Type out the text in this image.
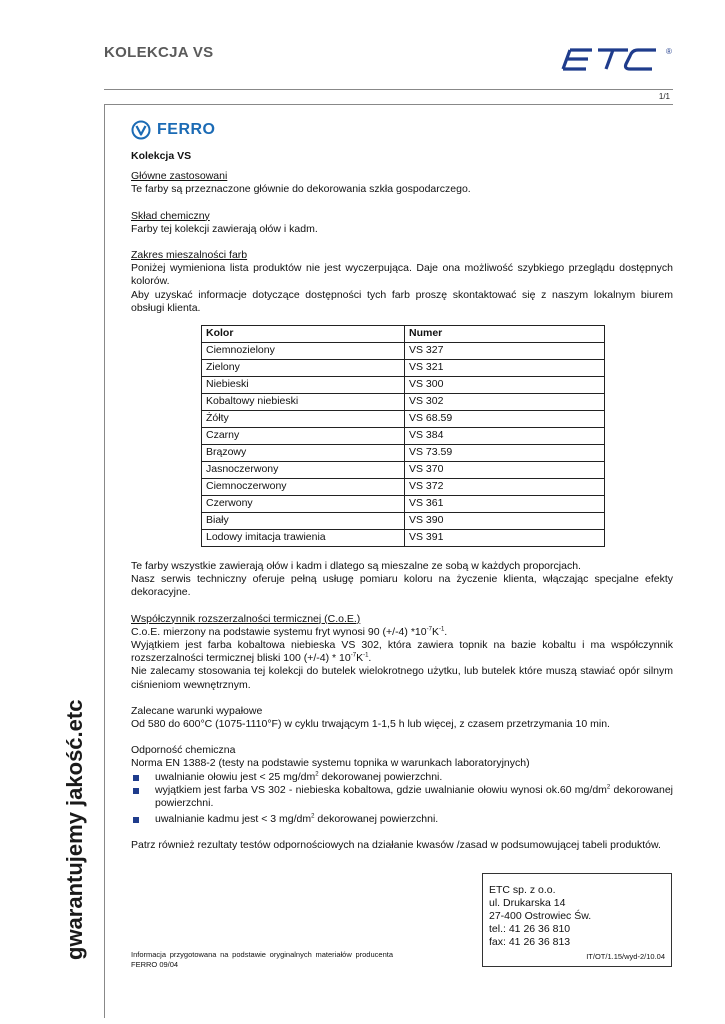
KOLEKCJA VS	®
1/1
gwarantujemy jakość.etc
FERRO

Kolekcja VS

Główne zastosowani

Te farby są przeznaczone głównie do dekorowania szkła gospodarczego.

Skład chemiczny

Farby tej kolekcji zawierają ołów i kadm.

Zakres mieszalności farb

Poniżej wymieniona lista produktów nie jest wyczerpująca. Daje ona możliwość szybkiego przeglądu dostępnych kolorów.

Aby uzyskać informacje dotyczące dostępności tych farb proszę skontaktować się z naszym lokalnym biurem obsługi klienta.

Kolor	Numer
Ciemnozielony	VS 327
Zielony	VS 321
Niebieski	VS 300
Kobaltowy niebieski	VS 302
Żółty	VS 68.59
Czarny	VS 384
Brązowy	VS 73.59
Jasnoczerwony	VS 370
Ciemnoczerwony	VS 372
Czerwony	VS 361
Biały	VS 390
Lodowy imitacja trawienia	VS 391

Te farby wszystkie zawierają ołów i kadm i dlatego są mieszalne ze sobą w każdych proporcjach.

Nasz serwis techniczny oferuje pełną usługę pomiaru koloru na życzenie klienta, włączając specjalne efekty dekoracyjne.

Współczynnik rozszerzalności termicznej (C.o.E.)

C.o.E. mierzony na podstawie systemu fryt wynosi 90 (+/-4) $*10^{-7}K^{-1}$.

Wyjątkiem jest farba kobaltowa niebieska VS 302, która zawiera topnik na bazie kobaltu i ma współczynnik rozszerzalności termicznej bliski 100 $(+/-4) * 10^{-7}K^{-1}$.

Nie zalecamy stosowania tej kolekcji do butelek wielokrotnego użytku, lub butelek które muszą stawiać opór silnym ciśnieniom wewnętrznym.

Zalecane warunki wypałowe

Od 580 do 600°C (1075-1110°F) w cyklu trwającym 1-1,5 h lub więcej, z czasem przetrzymania 10 min.

Odporność chemiczna

Norma EN 1388-2 (testy na podstawie systemu topnika w warunkach laboratoryjnych)

uwalnianie ołowiu jest < 25 $mg/dm^2$ dekorowanej powierzchni.
wyjątkiem jest farba VS 302 - niebieska kobaltowa, gdzie uwalnianie ołowiu wynosi ok.60 $mg/dm^2$ dekorowanej powierzchni.
uwalnianie kadmu jest < 3 $mg/dm^2$ dekorowanej powierzchni.

Patrz również rezultaty testów odpornościowych na działanie kwasów /zasad w podsumowującej tabeli produktów.

ETC sp. z o.o.
ul. Drukarska 14
27-400 Ostrowiec Św.
tel.: 41 26 36 810
fax: 41 26 36 813
IT/OT/1.15/wyd-2/10.04
Informacja przygotowana na podstawie oryginalnych materiałów producenta FERRO 09/04
